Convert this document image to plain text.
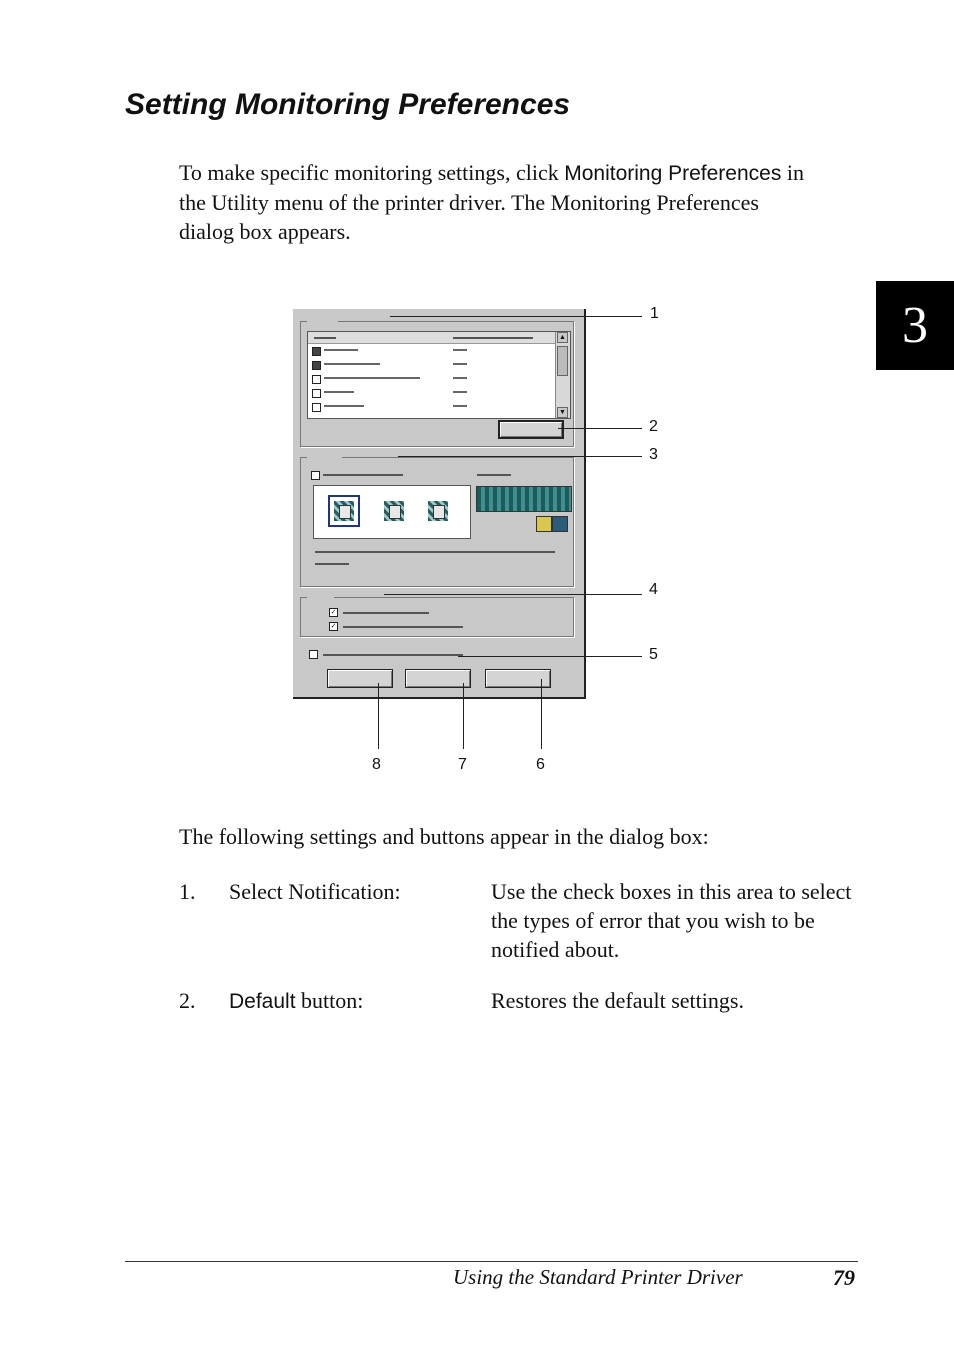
Setting Monitoring Preferences

To make specific monitoring settings, click Monitoring Preferences in the Utility menu of the printer driver. The Monitoring Preferences dialog box appears.

3

▲
▼

✓
✓
1
2
3
4
5
6
7
8

The following settings and buttons appear in the dialog box:

1. Select Notification:	Use the check boxes in this area to select the types of error that you wish to be notified about.
2. Default button:	Restores the default settings.
Using the Standard Printer Driver	79
